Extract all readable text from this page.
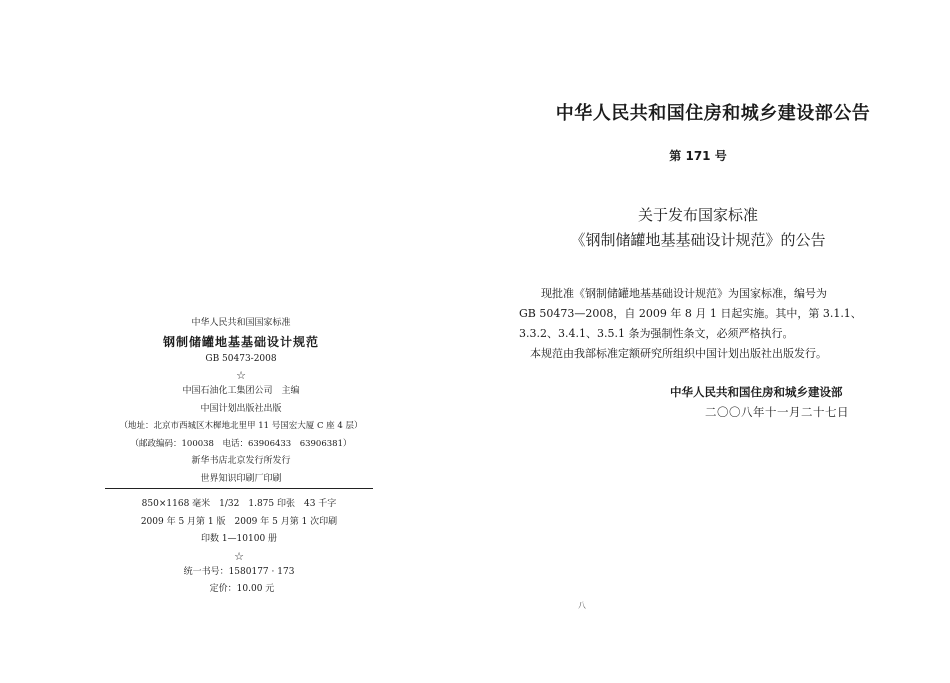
中华人民共和国国家标准
钢制储罐地基基础设计规范
GB 50473-2008
☆
中国石油化工集团公司　主编
中国计划出版社出版
（地址：北京市西城区木樨地北里甲 11 号国宏大厦 C 座 4 层）
（邮政编码：100038　电话：63906433　63906381）
新华书店北京发行所发行
世界知识印刷厂印刷
850×1168 毫米　1/32　1.875 印张　43 千字
2009 年 5 月第 1 版　2009 年 5 月第 1 次印刷
印数 1—10100 册
☆
统一书号：1580177 · 173
定价：10.00 元
中华人民共和国住房和城乡建设部公告
第 171 号
关于发布国家标准
《钢制储罐地基基础设计规范》的公告

现批准《钢制储罐地基基础设计规范》为国家标准，编号为

GB 50473—2008，自 2009 年 8 月 1 日起实施。其中，第 3.1.1、

3.3.2、3.4.1、3.5.1 条为强制性条文，必须严格执行。

本规范由我部标准定额研究所组织中国计划出版社出版发行。

中华人民共和国住房和城乡建设部
二〇〇八年十一月二十七日
八
